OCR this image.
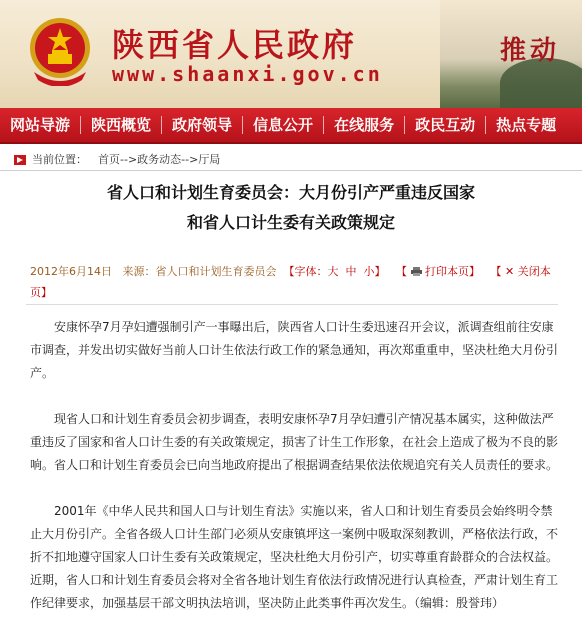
陕西省人民政府
www.shaanxi.gov.cn
推动
网站导游	陕西概览	政府领导	信息公开	在线服务	政民互动	热点专题
当前位置： 首页-->政务动态-->厅局
省人口和计划生育委员会：大月份引产严重违反国家
和省人口计生委有关政策规定
2012年6月14日 来源：省人口和计划生育委员会 【字体：大 中 小】 【 打印本页】 【 ✕ 关闭本页】

安康怀孕7月孕妇遭强制引产一事曝出后，陕西省人口计生委迅速召开会议，派调查组前往安康市调查，并发出切实做好当前人口计生依法行政工作的紧急通知，再次郑重重申，坚决杜绝大月份引产。

现省人口和计划生育委员会初步调查，表明安康怀孕7月孕妇遭引产情况基本属实，这种做法严重违反了国家和省人口计生委的有关政策规定，损害了计生工作形象，在社会上造成了极为不良的影响。省人口和计划生育委员会已向当地政府提出了根据调查结果依法依规追究有关人员责任的要求。

2001年《中华人民共和国人口与计划生育法》实施以来，省人口和计划生育委员会始终明令禁止大月份引产。全省各级人口计生部门必须从安康镇坪这一案例中吸取深刻教训，严格依法行政，不折不扣地遵守国家人口计生委有关政策规定，坚决杜绝大月份引产，切实尊重育龄群众的合法权益。近期，省人口和计划生育委员会将对全省各地计划生育依法行政情况进行认真检查，严肃计划生育工作纪律要求，加强基层干部文明执法培训，坚决防止此类事件再次发生。（编辑：殷誉玮）
